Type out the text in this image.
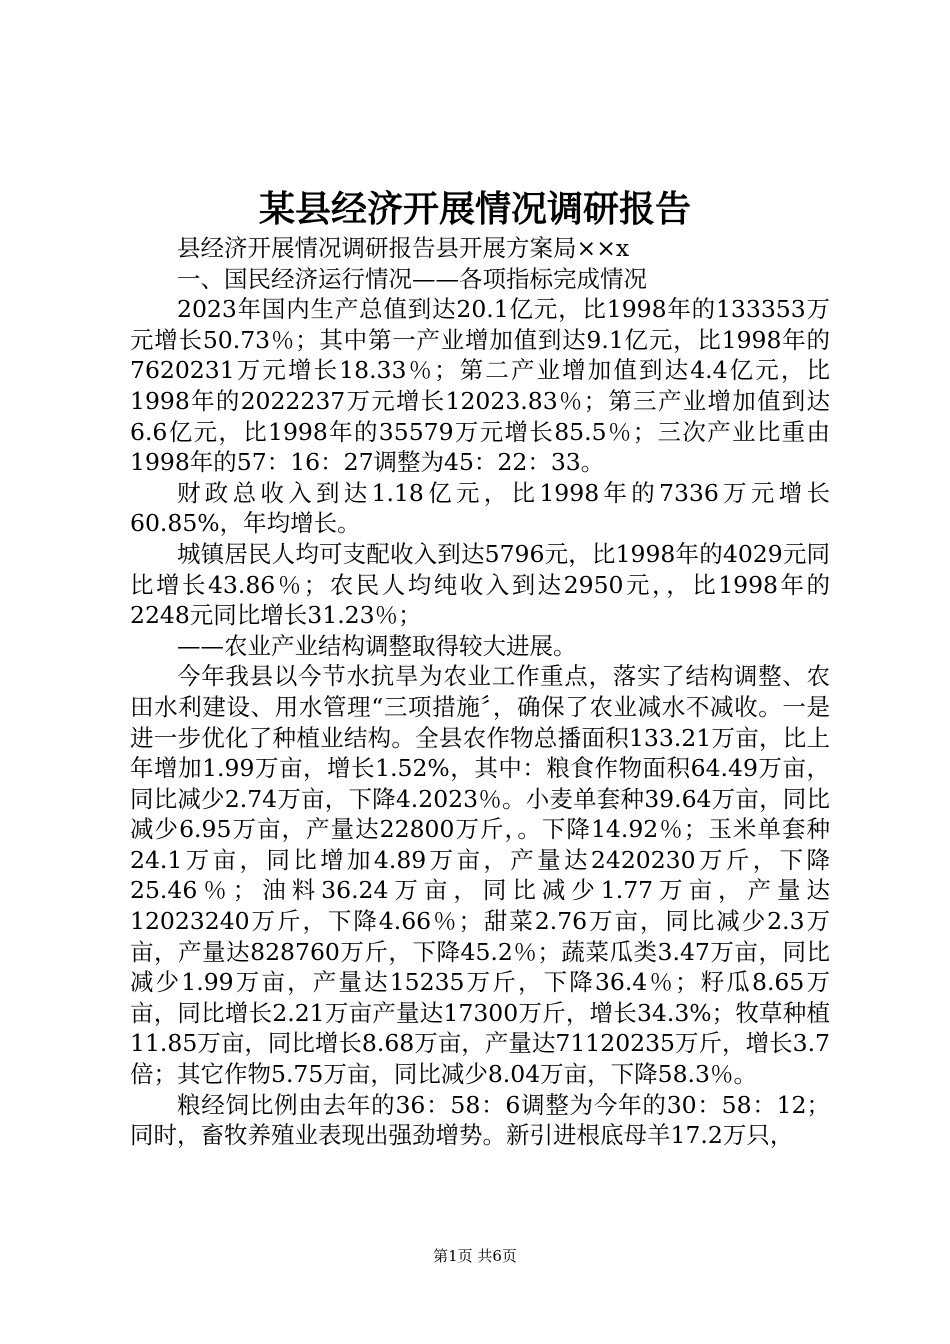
某县经济开展情况调研报告

县经济开展情况调研报告县开展方案局××x

一、国民经济运行情况——各项指标完成情况

2023年国内生产总值到达20.1亿元，比1998年的133353万元增长50.73％；其中第一产业增加值到达9.1亿元，比1998年的7620231万元增长18.33％；第二产业增加值到达4.4亿元，比1998年的2022237万元增长12023.83％；第三产业增加值到达6.6亿元，比1998年的35579万元增长85.5％；三次产业比重由1998年的57：16：27调整为45：22：33。

财政总收入到达1.18亿元，比1998年的7336万元增长60.85%，年均增长。

城镇居民人均可支配收入到达5796元，比1998年的4029元同比增长43.86％；农民人均纯收入到达2950元，，比1998年的2248元同比增长31.23％；

——农业产业结构调整取得较大进展。

今年我县以今节水抗旱为农业工作重点，落实了结构调整、农田水利建设、用水管理“三项措施〞，确保了农业减水不减收。一是进一步优化了种植业结构。全县农作物总播面积133.21万亩，比上年增加1.99万亩，增长1.52%，其中：粮食作物面积64.49万亩，同比减少2.74万亩，下降4.2023％。小麦单套种39.64万亩，同比减少6.95万亩，产量达22800万斤，。下降14.92％；玉米单套种24.1万亩，同比增加4.89万亩，产量达2420230万斤，下降25.46％；油料36.24万亩，同比减少1.77万亩，产量达12023240万斤，下降4.66％；甜菜2.76万亩，同比减少2.3万亩，产量达828760万斤，下降45.2％；蔬菜瓜类3.47万亩，同比减少1.99万亩，产量达15235万斤，下降36.4％；籽瓜8.65万亩，同比增长2.21万亩产量达17300万斤，增长34.3%；牧草种植11.85万亩，同比增长8.68万亩，产量达71120235万斤，增长3.7倍；其它作物5.75万亩，同比减少8.04万亩，下降58.3％。

粮经饲比例由去年的36：58：6调整为今年的30：58：12；同时，畜牧养殖业表现出强劲增势。新引进根底母羊17.2万只，

第1页 共6页
